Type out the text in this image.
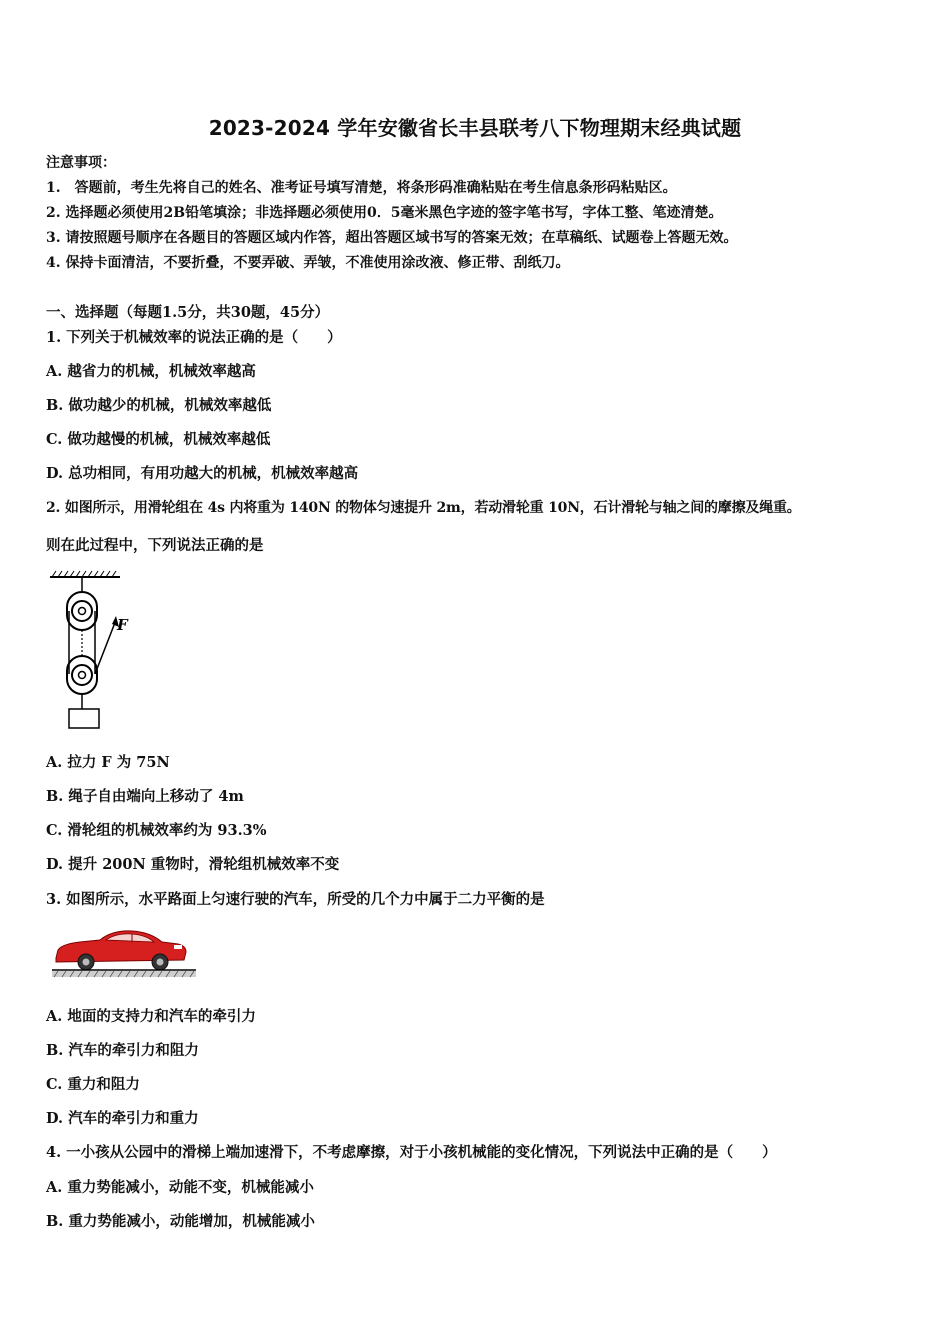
2023-2024 学年安徽省长丰县联考八下物理期末经典试题
注意事项：
1.　答题前，考生先将自己的姓名、准考证号填写清楚，将条形码准确粘贴在考生信息条形码粘贴区。
2. 选择题必须使用2B铅笔填涂；非选择题必须使用0．5毫米黑色字迹的签字笔书写，字体工整、笔迹清楚。
3. 请按照题号顺序在各题目的答题区域内作答，超出答题区域书写的答案无效；在草稿纸、试题卷上答题无效。
4. 保持卡面清洁，不要折叠，不要弄破、弄皱，不准使用涂改液、修正带、刮纸刀。
一、选择题（每题1.5分，共30题，45分）
1. 下列关于机械效率的说法正确的是（　　）
A. 越省力的机械，机械效率越高
B. 做功越少的机械，机械效率越低
C. 做功越慢的机械，机械效率越低
D. 总功相同，有用功越大的机械，机械效率越高
2. 如图所示，用滑轮组在 4s 内将重为 140N 的物体匀速提升 2m，若动滑轮重 10N，石计滑轮与轴之间的摩擦及绳重。
则在此过程中，下列说法正确的是
F
A. 拉力 F 为 75N
B. 绳子自由端向上移动了 4m
C. 滑轮组的机械效率约为 93.3%
D. 提升 200N 重物时，滑轮组机械效率不变
3. 如图所示，水平路面上匀速行驶的汽车，所受的几个力中属于二力平衡的是
A. 地面的支持力和汽车的牵引力
B. 汽车的牵引力和阻力
C. 重力和阻力
D. 汽车的牵引力和重力
4. 一小孩从公园中的滑梯上端加速滑下，不考虑摩擦，对于小孩机械能的变化情况，下列说法中正确的是（　　）
A. 重力势能减小，动能不变，机械能减小
B. 重力势能减小，动能增加，机械能减小
